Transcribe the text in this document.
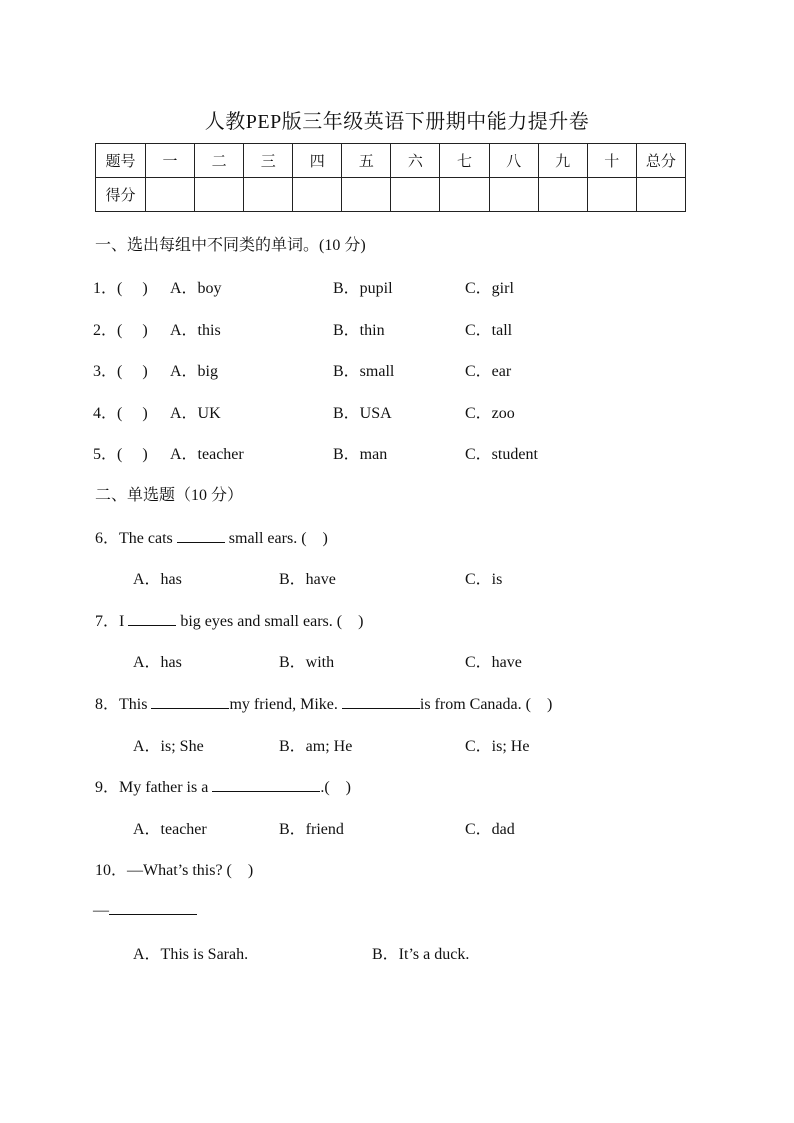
人教PEP版三年级英语下册期中能力提升卷
题号	一	二	三	四	五	六	七	八	九	十	总分
得分											
一、选出每组中不同类的单词。(10 分)
1．(　 ) A．boy	B．pupil	C．girl
2．(　 ) A．this	B．thin	C．tall
3．(　 ) A．big	B．small	C．ear
4．(　 ) A．UK	B．USA	C．zoo
5．(　 ) A．teacher	B．man	C．student
二、单选题（10 分）
6．The cats	small ears. (　)
A．has	B．have	C．is
7．I	big eyes and small ears. (　)
A．has	B．with	C．have
8．This	my friend, Mike.	is from Canada. (　)
A．is; She	B．am; He	C．is; He
9．My father is a	.(　)
A．teacher	B．friend	C．dad
10．—What’s this? (　)
—
A．This is Sarah.	B．It’s a duck.
